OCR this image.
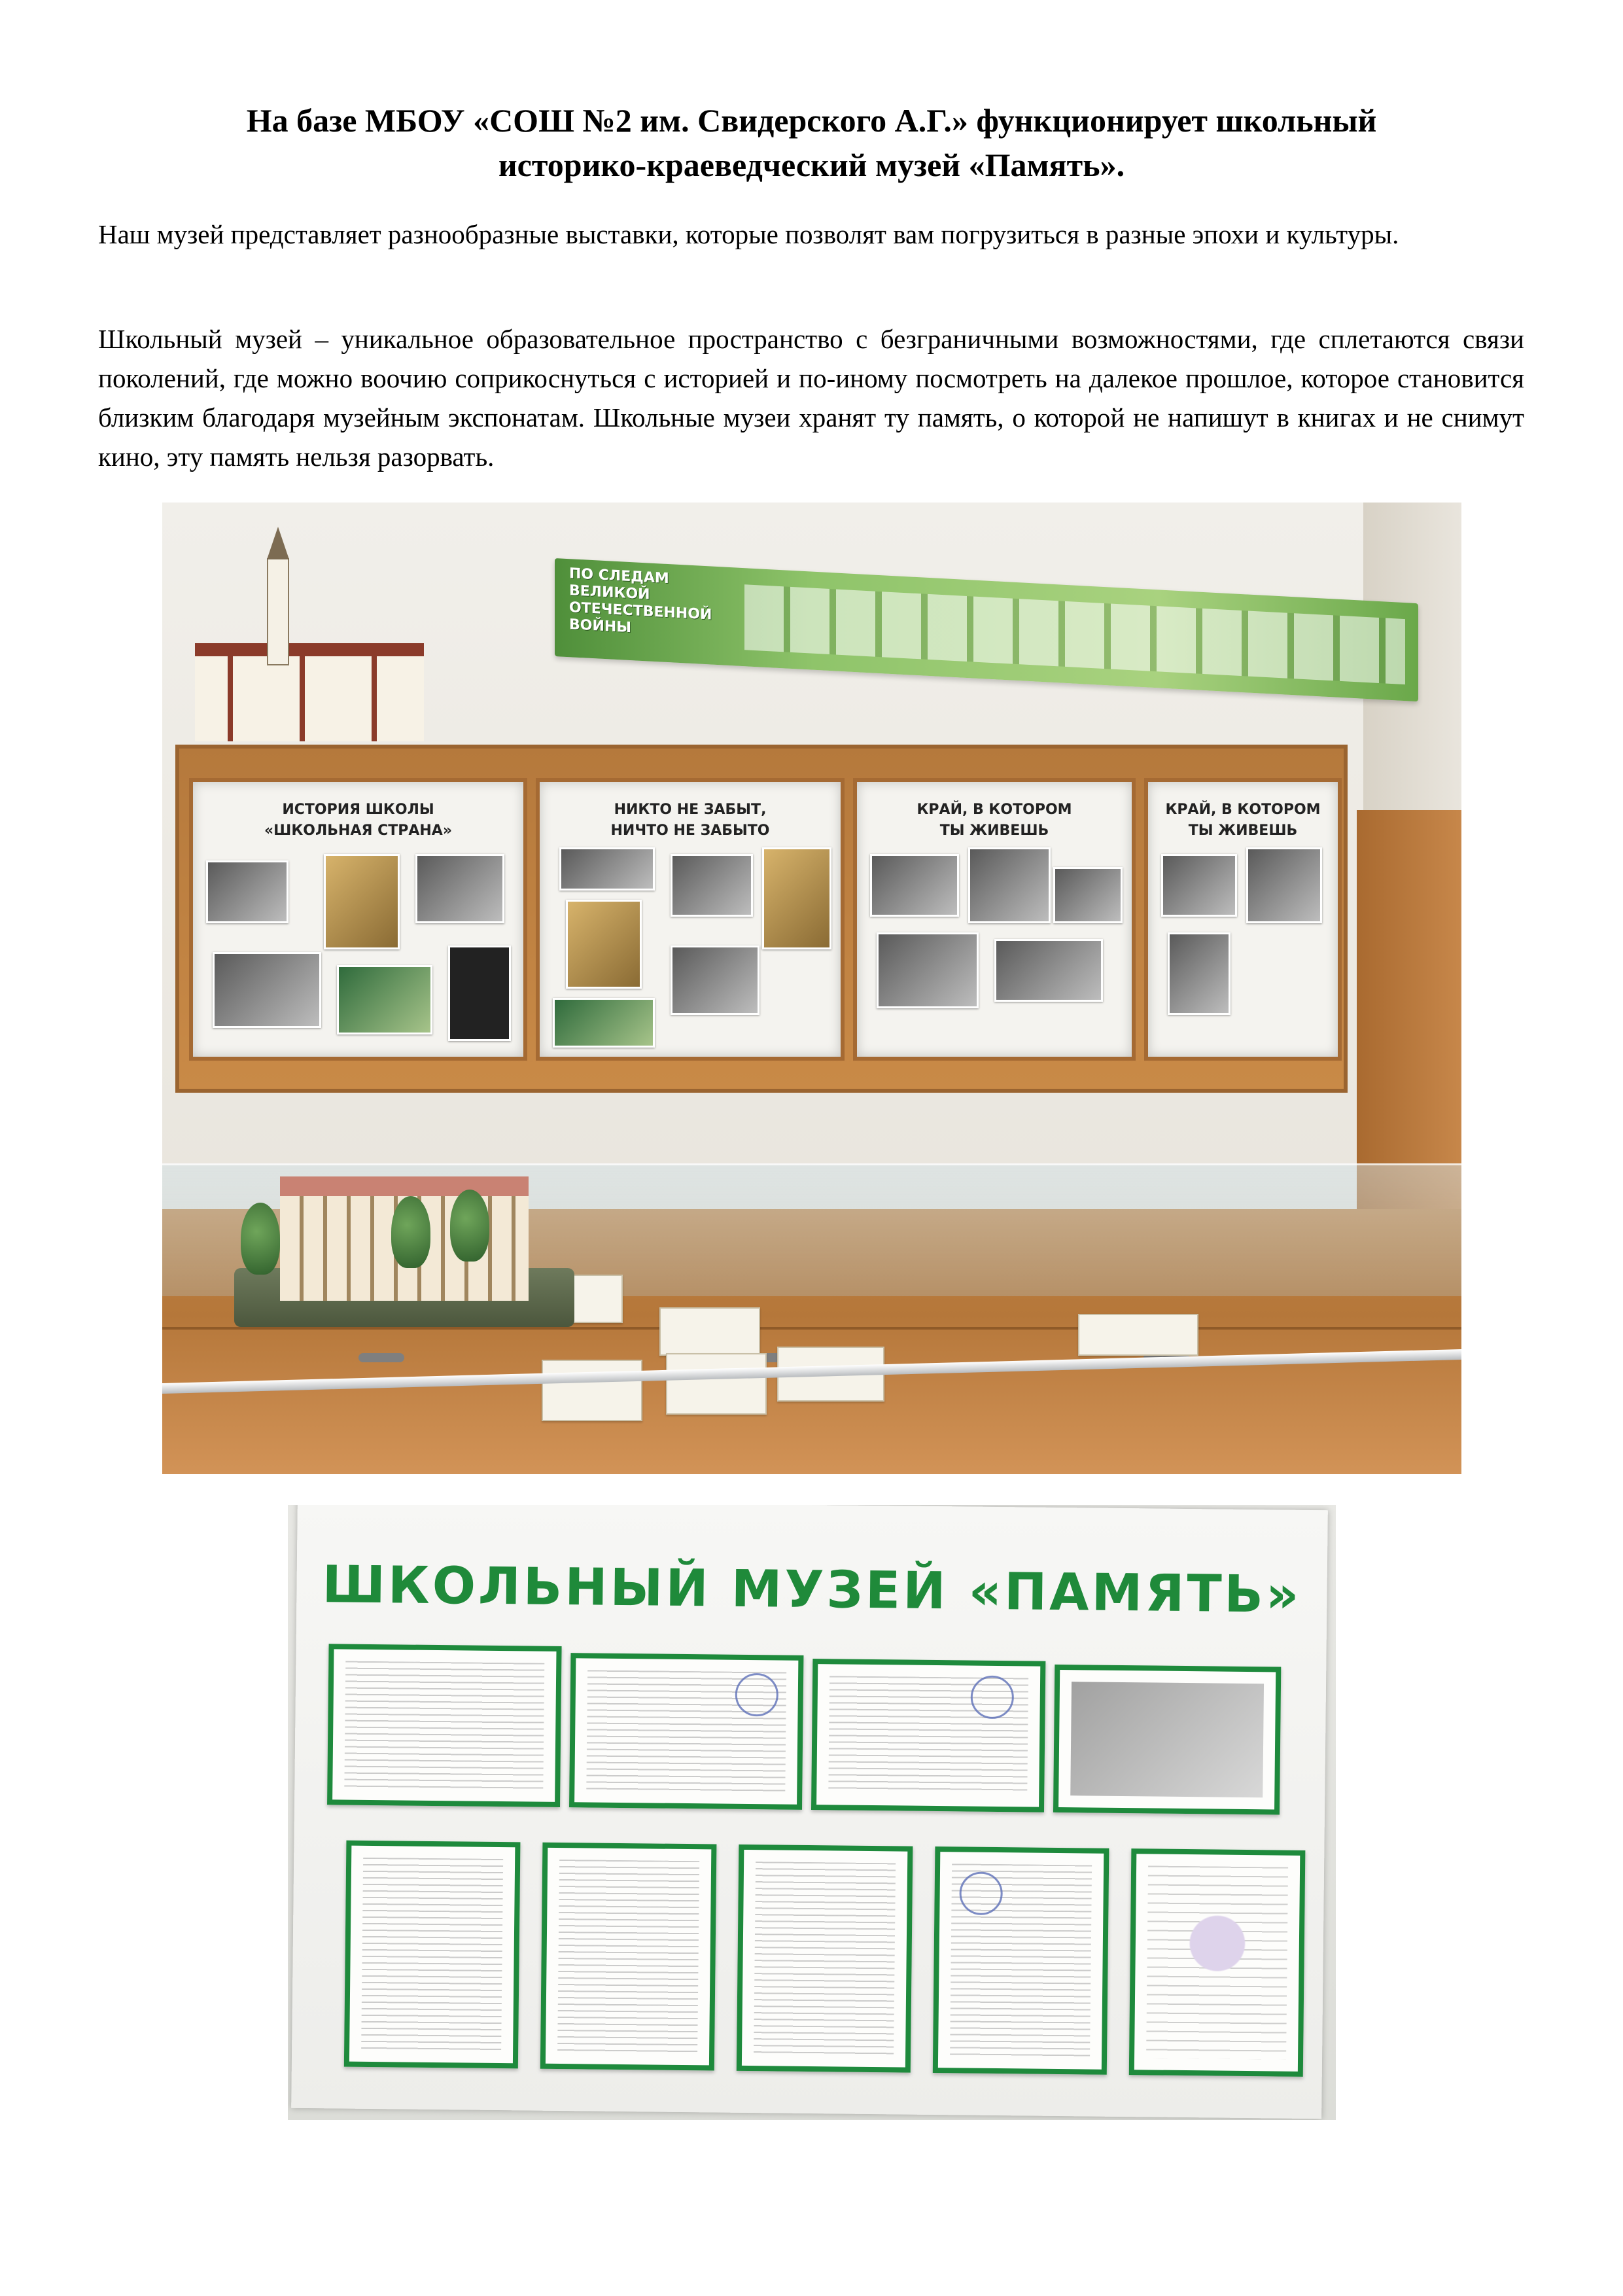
На базе МБОУ «СОШ №2 им. Свидерского А.Г.» функционирует школьный
историко-краеведческий музей «Память».

Наш музей представляет разнообразные выставки, которые позволят вам погрузиться в разные эпохи и культуры.

Школьный музей – уникальное образовательное пространство с безграничными возможностями, где сплетаются связи поколений, где можно воочию соприкоснуться с историей и по-иному посмотреть на далекое прошлое, которое становится близким благодаря музейным экспонатам. Школьные музеи хранят ту память, о которой не напишут в книгах и не снимут кино, эту память нельзя разорвать.

ПО СЛЕДАМ ВЕЛИКОЙ ОТЕЧЕСТВЕННОЙ ВОЙНЫ
ИСТОРИЯ ШКОЛЫ
«ШКОЛЬНАЯ СТРАНА»
НИКТО НЕ ЗАБЫТ,
НИЧТО НЕ ЗАБЫТО
КРАЙ, В КОТОРОМ
ТЫ ЖИВЕШЬ
КРАЙ, В КОТОРОМ
ТЫ ЖИВЕШЬ
ШКОЛЬНЫЙ МУЗЕЙ «ПАМЯТЬ»
